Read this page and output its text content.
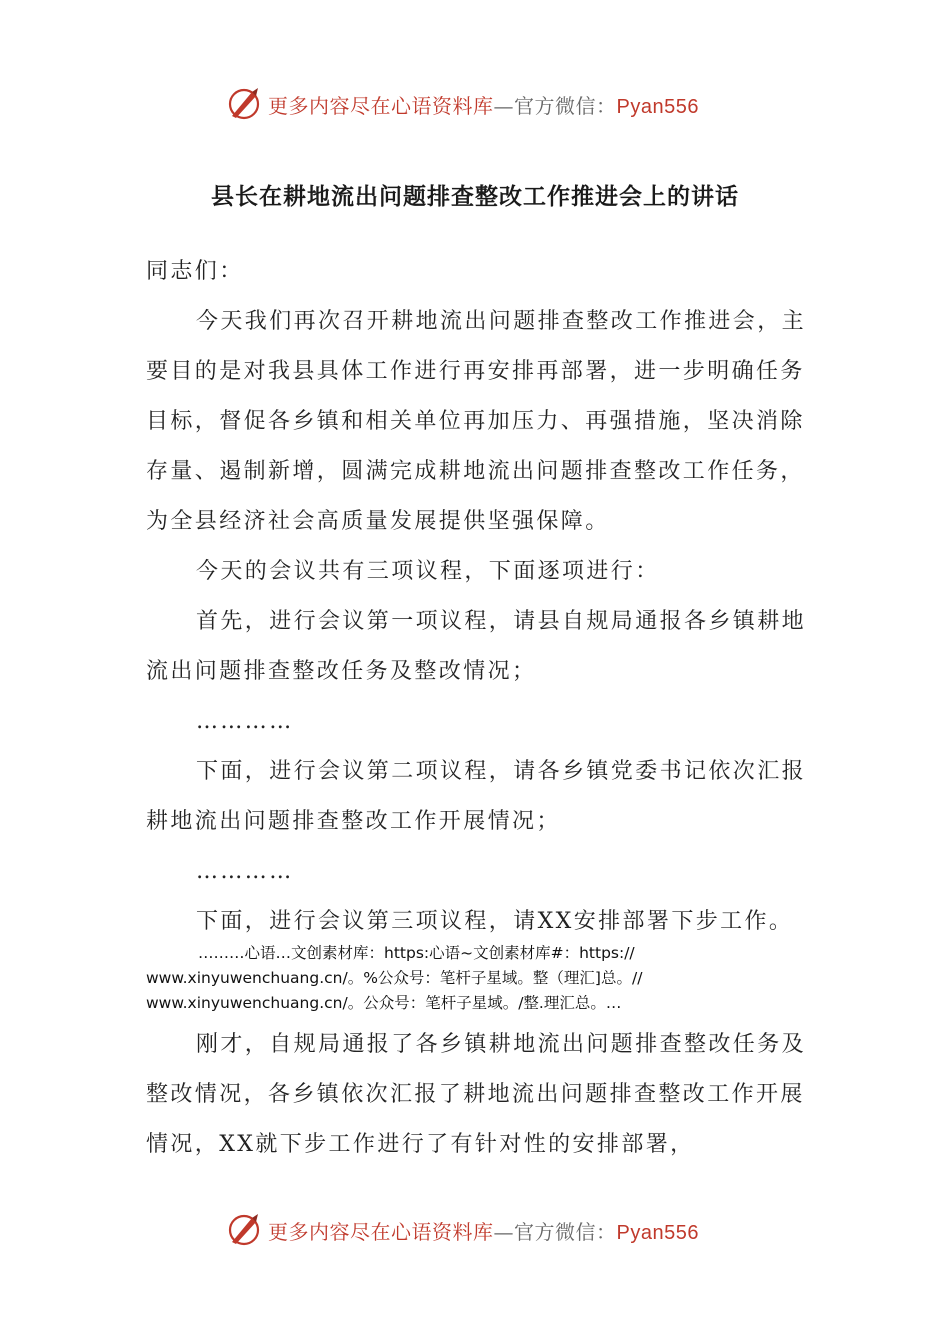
更多内容尽在心语资料库—官方微信：Pyan556
县长在耕地流出问题排查整改工作推进会上的讲话

同志们：

今天我们再次召开耕地流出问题排查整改工作推进会，主要目的是对我县具体工作进行再安排再部署，进一步明确任务目标，督促各乡镇和相关单位再加压力、再强措施，坚决消除存量、遏制新增，圆满完成耕地流出问题排查整改工作任务，为全县经济社会高质量发展提供坚强保障。

今天的会议共有三项议程，下面逐项进行：

首先，进行会议第一项议程，请县自规局通报各乡镇耕地流出问题排查整改任务及整改情况；

…………

下面，进行会议第二项议程，请各乡镇党委书记依次汇报耕地流出问题排查整改工作开展情况；

…………

下面，进行会议第三项议程，请XX安排部署下步工作。

………心语…文创素材库：https:心语~文创素材库#：https://
www.xinyuwenchuang.cn/。%公众号：笔杆子星域。整（理汇]总。//
www.xinyuwenchuang.cn/。公众号：笔杆子星域。/整.理汇总。…

刚才，自规局通报了各乡镇耕地流出问题排查整改任务及整改情况，各乡镇依次汇报了耕地流出问题排查整改工作开展情况，XX就下步工作进行了有针对性的安排部署，

更多内容尽在心语资料库—官方微信：Pyan556
